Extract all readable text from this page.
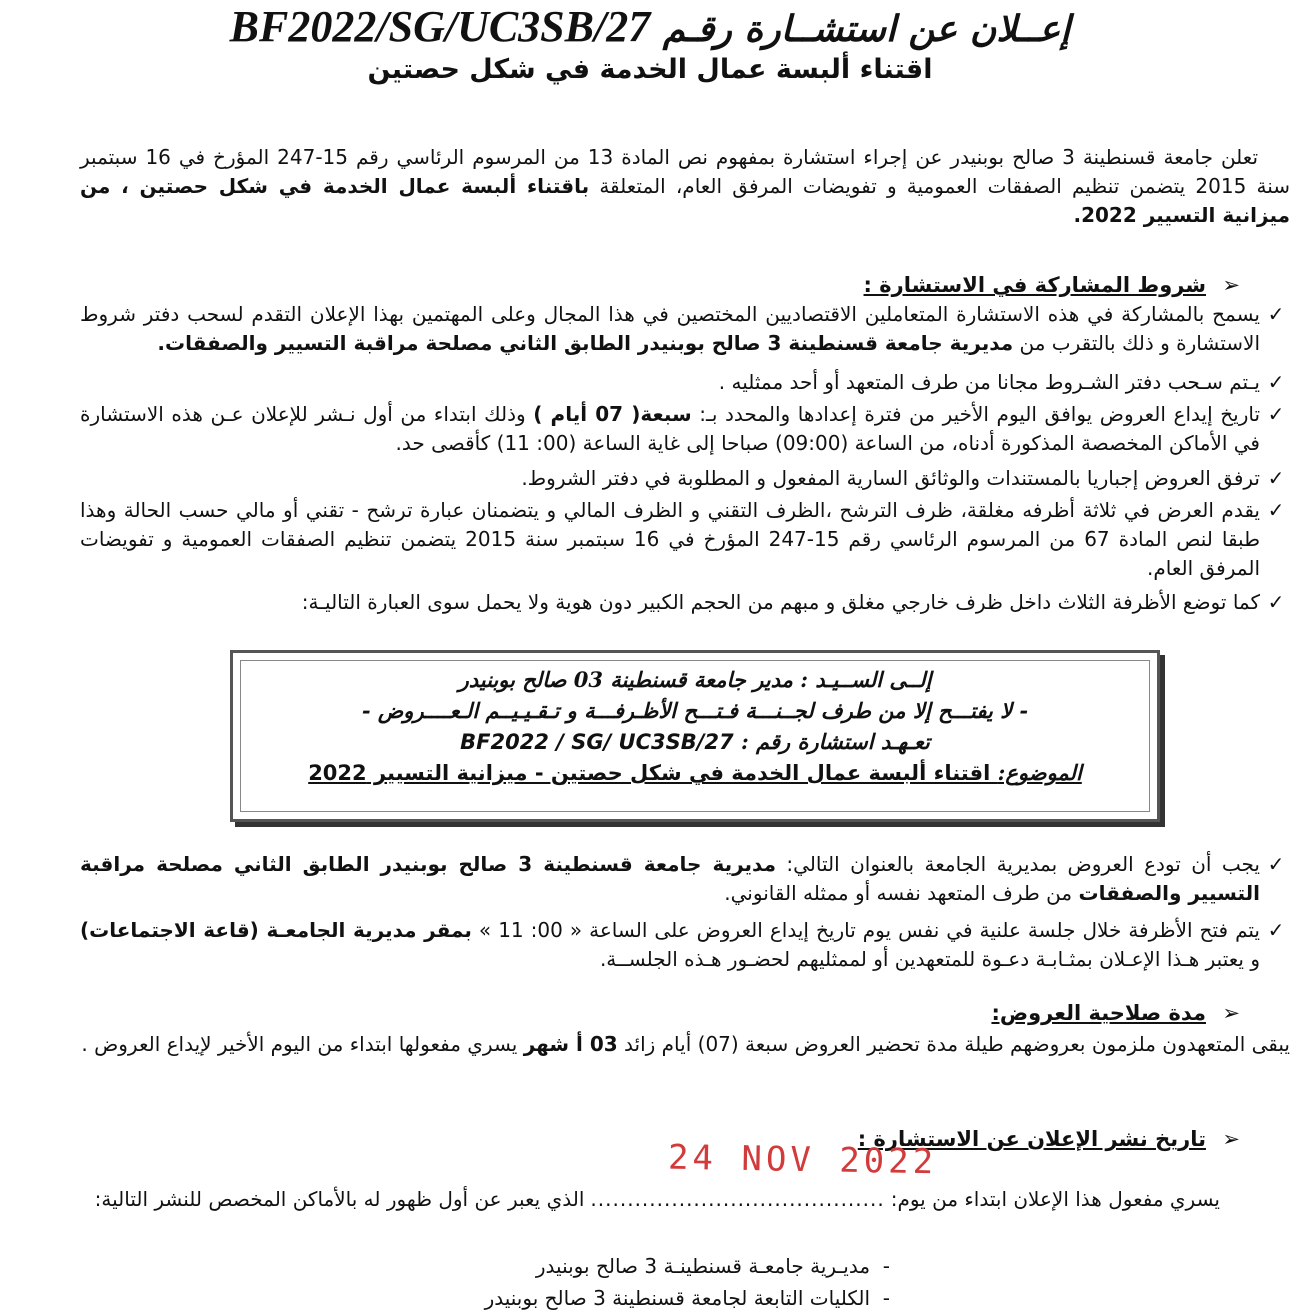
إعــلان عن استشــارة رقـم BF2022/SG/UC3SB/27
اقتناء ألبسة عمال الخدمة في شكل حصتين
تعلن جامعة قسنطينة 3 صالح بوبنيدر عن إجراء استشارة بمفهوم نص المادة 13 من المرسوم الرئاسي رقم 15-247 المؤرخ في 16 سبتمبر سنة 2015 يتضمن تنظيم الصفقات العمومية و تفويضات المرفق العام، المتعلقة باقتناء ألبسة عمال الخدمة في شكل حصتين ، من ميزانية التسيير 2022.
➢شروط المشاركة في الاستشارة :
✓
يسمح بالمشاركة في هذه الاستشارة المتعاملين الاقتصاديين المختصين في هذا المجال وعلى المهتمين بهذا الإعلان التقدم لسحب دفتر شروط الاستشارة و ذلك بالتقرب من مديرية جامعة قسنطينة 3 صالح بوبنيدر الطابق الثاني مصلحة مراقبة التسيير والصفقات.
✓
يـتم سـحب دفتر الشـروط مجانا من طرف المتعهد أو أحد ممثليه .
✓
تاريخ إيداع العروض يوافق اليوم الأخير من فترة إعدادها والمحدد بـ: سبعة( 07 أيام ) وذلك ابتداء من أول نـشر للإعلان عـن هذه الاستشارة في الأماكن المخصصة المذكورة أدناه، من الساعة (09:00) صباحا إلى غاية الساعة (00: 11) كأقصى حد.
✓
ترفق العروض إجباريا بالمستندات والوثائق السارية المفعول و المطلوبة في دفتر الشروط.
✓
يقدم العرض في ثلاثة أظرفه مغلقة، ظرف الترشح ،الظرف التقني و الظرف المالي و يتضمنان عبارة ترشح - تقني أو مالي حسب الحالة وهذا طبقا لنص المادة 67 من المرسوم الرئاسي رقم 15-247 المؤرخ في 16 سبتمبر سنة 2015 يتضمن تنظيم الصفقات العمومية و تفويضات المرفق العام.
✓
كما توضع الأظرفة الثلاث داخل ظرف خارجي مغلق و مبهم من الحجم الكبير دون هوية ولا يحمل سوى العبارة التاليـة:
إلــى الســيـد : مدير جامعة قسنطينة 03 صالح بوبنيدر
- لا يفتـــح إلا من طرف لجــنـــة فـتـــح الأظـرفـــة و تـقـيـيــم الـعــــروض -
تعـهـد استشارة رقم : BF2022 / SG/ UC3SB/27
الموضوع: اقتناء ألبسة عمال الخدمة في شكل حصتين - ميزانية التسيير 2022
✓
يجب أن تودع العروض بمديرية الجامعة بالعنوان التالي: مديرية جامعة قسنطينة 3 صالح بوبنيدر الطابق الثاني مصلحة مراقبة التسيير والصفقات من طرف المتعهد نفسه أو ممثله القانوني.
✓
يتم فتح الأظرفة خلال جلسة علنية في نفس يوم تاريخ إيداع العروض على الساعة « 00: 11 » بمقر مديرية الجامعـة (قاعة الاجتماعات) و يعتبر هـذا الإعـلان بمثـابـة دعـوة للمتعهدين أو لممثليهم لحضـور هـذه الجلســة.
➢مدة صلاحية العروض:
يبقى المتعهدون ملزمون بعروضهم طيلة مدة تحضير العروض سبعة (07) أيام زائد 03 أ شهر يسري مفعولها ابتداء من اليوم الأخير لإيداع العروض .
➢تاريخ نشر الإعلان عن الاستشارة :
24 NOV 2022
يسري مفعول هذا الإعلان ابتداء من يوم:........................................الذي يعبر عن أول ظهور له بالأماكن المخصص للنشر التالية:
-  مديـرية جامعـة قسنطينـة 3 صالح بوبنيدر
-  الكليات التابعة لجامعة قسنطينة 3 صالح بوبنيدر
